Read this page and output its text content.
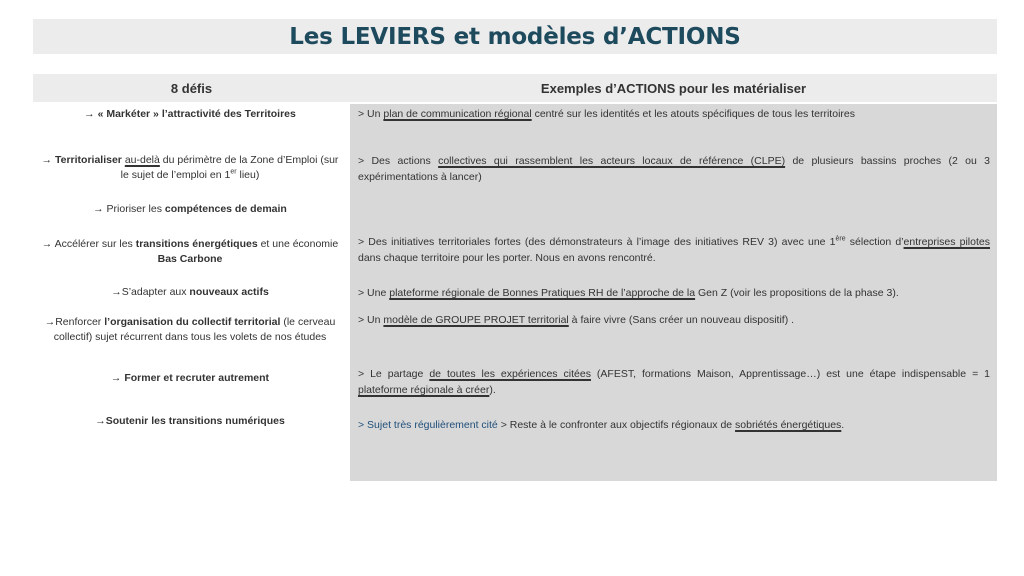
Les LEVIERS et modèles d’ACTIONS
8 défis	Exemples d’ACTIONS pour les matérialiser
→ « Markéter » l’attractivité des Territoires
→ Territorialiser au-delà du périmètre de la Zone d’Emploi (sur le sujet de l’emploi en 1er lieu)
→ Prioriser les compétences de demain
→ Accélérer sur les transitions énergétiques et une économie Bas Carbone
→S’adapter aux nouveaux actifs
→Renforcer l’organisation du collectif territorial (le cerveau collectif) sujet récurrent dans tous les volets de nos études
→ Former et recruter autrement
→Soutenir les transitions numériques
> Un plan de communication régional centré sur les identités et les atouts spécifiques de tous les territoires
> Des actions collectives qui rassemblent les acteurs locaux de référence (CLPE) de plusieurs bassins proches (2 ou 3 expérimentations à lancer)
> Des initiatives territoriales fortes (des démonstrateurs à l’image des initiatives REV 3) avec une 1ère sélection d’entreprises pilotes dans chaque territoire pour les porter. Nous en avons rencontré.
> Une plateforme régionale de Bonnes Pratiques RH de l’approche de la Gen Z (voir les propositions de la phase 3).
> Un modèle de GROUPE PROJET territorial à faire vivre (Sans créer un nouveau dispositif) .
> Le partage de toutes les expériences citées (AFEST, formations Maison, Apprentissage…) est une étape indispensable = 1 plateforme régionale à créer).
> Sujet très régulièrement cité > Reste à le confronter aux objectifs régionaux de sobriétés énergétiques.
